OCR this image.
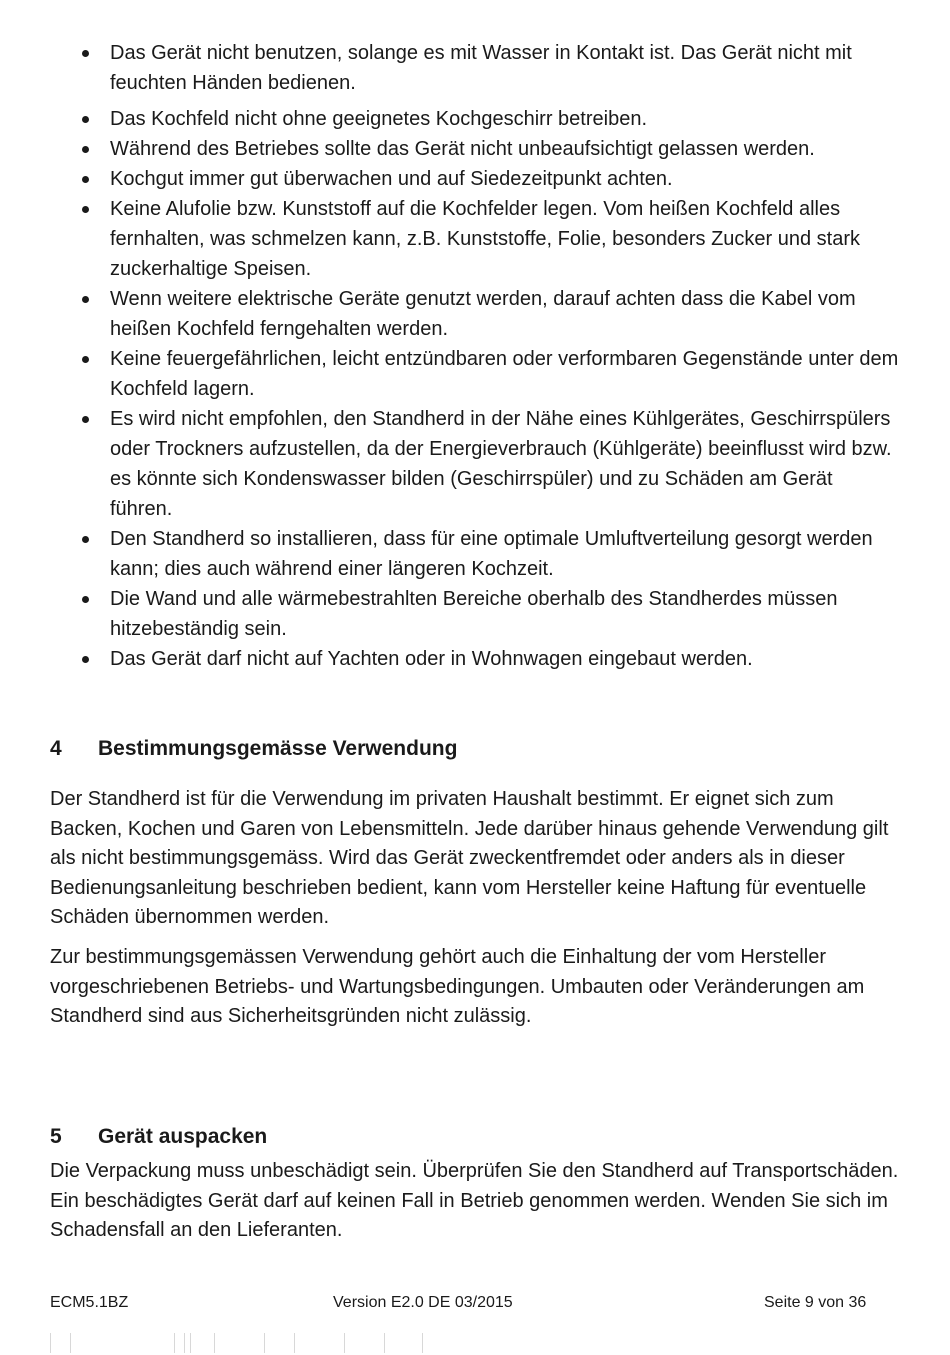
Das Gerät nicht benutzen, solange es mit Wasser in Kontakt ist. Das Gerät nicht mit feuchten Händen bedienen.
Das Kochfeld nicht ohne geeignetes Kochgeschirr betreiben.
Während des Betriebes sollte das Gerät nicht unbeaufsichtigt gelassen werden.
Kochgut immer gut überwachen und auf Siedezeitpunkt achten.
Keine Alufolie bzw. Kunststoff auf die Kochfelder legen. Vom heißen Kochfeld alles fernhalten, was schmelzen kann, z.B. Kunststoffe, Folie, besonders Zucker und stark zuckerhaltige Speisen.
Wenn weitere elektrische Geräte genutzt werden, darauf achten dass die Kabel vom heißen Kochfeld ferngehalten werden.
Keine feuergefährlichen, leicht entzündbaren oder verformbaren Gegenstände unter dem Kochfeld lagern.
Es wird nicht empfohlen, den Standherd in der Nähe eines Kühlgerätes, Geschirrspülers oder Trockners aufzustellen, da der Energieverbrauch (Kühlgeräte) beeinflusst wird bzw. es könnte sich Kondenswasser bilden (Geschirrspüler) und zu Schäden am Gerät führen.
Den Standherd so installieren, dass für eine optimale Umluftverteilung gesorgt werden kann; dies auch während einer längeren Kochzeit.
Die Wand und alle wärmebestrahlten Bereiche oberhalb des Standherdes müssen hitzebeständig sein.
Das Gerät darf nicht auf Yachten oder in Wohnwagen eingebaut werden.
4 Bestimmungsgemässe Verwendung

Der Standherd ist für die Verwendung im privaten Haushalt bestimmt. Er eignet sich zum Backen, Kochen und Garen von Lebensmitteln. Jede darüber hinaus gehende Verwendung gilt als nicht bestimmungsgemäss. Wird das Gerät zweckentfremdet oder anders als in dieser Bedienungsanleitung beschrieben bedient, kann vom Hersteller keine Haftung für eventuelle Schäden übernommen werden.

Zur bestimmungsgemässen Verwendung gehört auch die Einhaltung der vom Hersteller vorgeschriebenen Betriebs- und Wartungsbedingungen. Umbauten oder Veränderungen am Standherd sind aus Sicherheitsgründen nicht zulässig.

5 Gerät auspacken

Die Verpackung muss unbeschädigt sein. Überprüfen Sie den Standherd auf Transportschäden. Ein beschädigtes Gerät darf auf keinen Fall in Betrieb genommen werden. Wenden Sie sich im Schadensfall an den Lieferanten.

ECM5.1BZ	Version E2.0 DE 03/2015	Seite 9 von 36
